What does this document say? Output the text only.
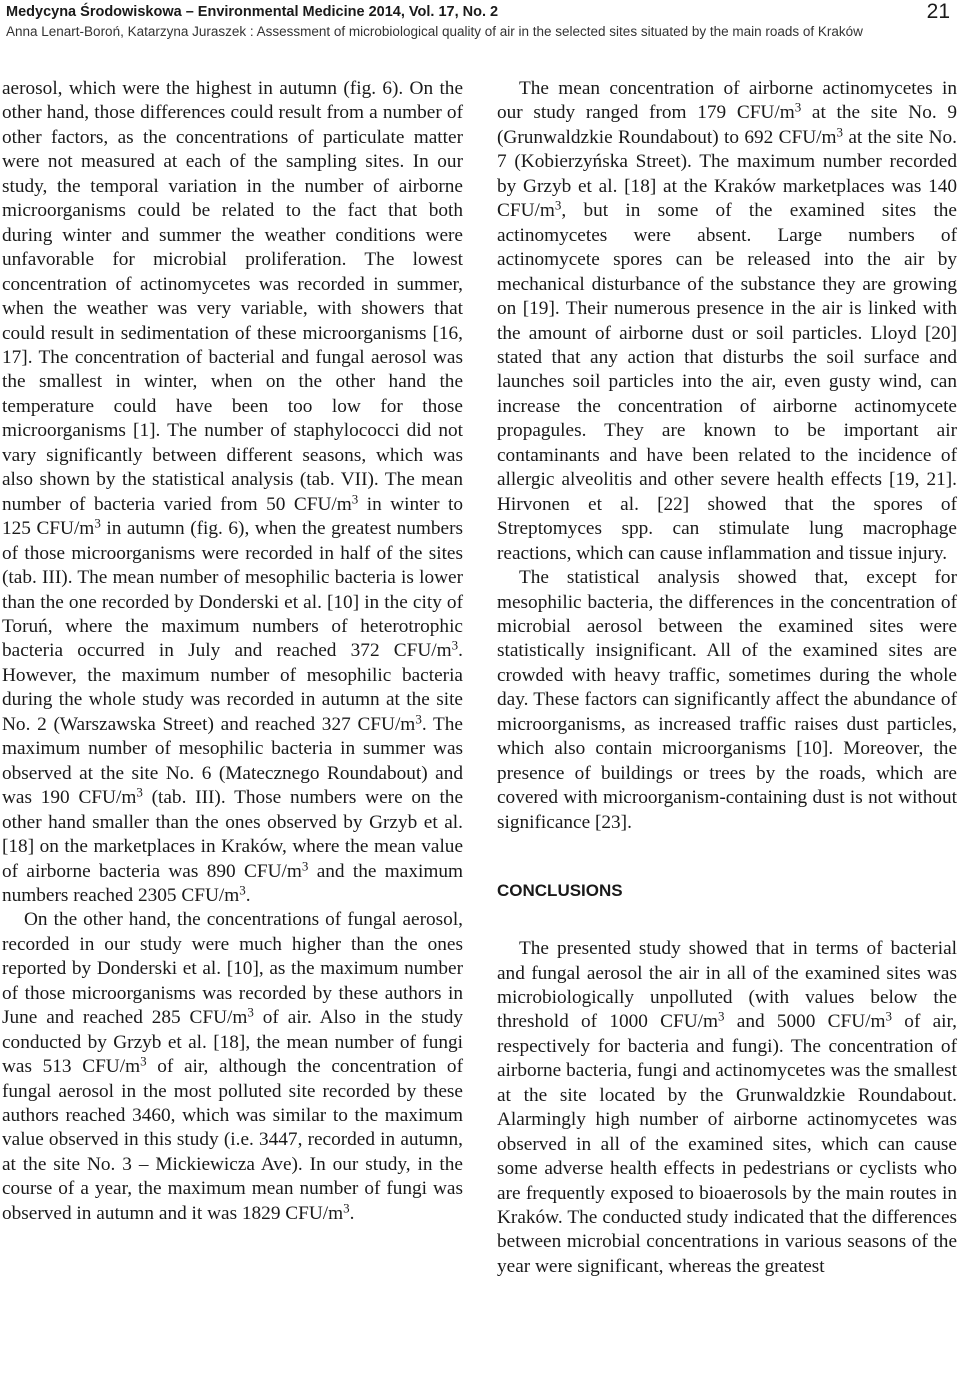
Medycyna Środowiskowa – Environmental Medicine 2014, Vol. 17, No. 2
Anna Lenart-Boroń, Katarzyna Juraszek : Assessment of microbiological quality of air in the selected sites situated by the main roads of Kraków
21

aerosol, which were the highest in autumn (fig. 6). On the other hand, those differences could result from a number of other factors, as the concentrations of particulate matter were not measured at each of the sampling sites. In our study, the temporal variation in the number of airborne microorganisms could be related to the fact that both during winter and summer the weather conditions were unfavorable for microbial proliferation. The lowest concentration of actinomycetes was recorded in summer, when the weather was very variable, with showers that could result in sedimentation of these microorganisms [16, 17]. The concentration of bacterial and fungal aerosol was the smallest in winter, when on the other hand the temperature could have been too low for those microorganisms [1]. The number of staphylococci did not vary significantly between different seasons, which was also shown by the statistical analysis (tab. VII). The mean number of bacteria varied from 50 CFU/$m^3$ in winter to 125 CFU/$m^3$ in autumn (fig. 6), when the greatest numbers of those microorganisms were recorded in half of the sites (tab. III). The mean number of mesophilic bacteria is lower than the one recorded by Donderski et al. [10] in the city of Toruń, where the maximum numbers of heterotrophic bacteria occurred in July and reached 372 CFU/$m^3$. However, the maximum number of mesophilic bacteria during the whole study was recorded in autumn at the site No. 2 (Warszawska Street) and reached 327 CFU/$m^3$. The maximum number of mesophilic bacteria in summer was observed at the site No. 6 (Matecznego Roundabout) and was 190 CFU/$m^3$ (tab. III). Those numbers were on the other hand smaller than the ones observed by Grzyb et al. [18] on the marketplaces in Kraków, where the mean value of airborne bacteria was 890 CFU/$m^3$ and the maximum numbers reached 2305 CFU/$m^3$.

On the other hand, the concentrations of fungal aerosol, recorded in our study were much higher than the ones reported by Donderski et al. [10], as the maximum number of those microorganisms was recorded by these authors in June and reached 285 CFU/$m^3$ of air. Also in the study conducted by Grzyb et al. [18], the mean number of fungi was 513 CFU/$m^3$ of air, although the concentration of fungal aerosol in the most polluted site recorded by these authors reached 3460, which was similar to the maximum value observed in this study (i.e. 3447, recorded in autumn, at the site No. 3 – Mickiewicza Ave). In our study, in the course of a year, the maximum mean number of fungi was observed in autumn and it was 1829 CFU/$m^3$.

The mean concentration of airborne actinomycetes in our study ranged from 179 CFU/$m^3$ at the site No. 9 (Grunwaldzkie Roundabout) to 692 CFU/$m^3$ at the site No. 7 (Kobierzyńska Street). The maximum number recorded by Grzyb et al. [18] at the Kraków marketplaces was 140 CFU/$m^3$, but in some of the examined sites the actinomycetes were absent. Large numbers of actinomycete spores can be released into the air by mechanical disturbance of the substance they are growing on [19]. Their numerous presence in the air is linked with the amount of airborne dust or soil particles. Lloyd [20] stated that any action that disturbs the soil surface and launches soil particles into the air, even gusty wind, can increase the concentration of airborne actinomycete propagules. They are known to be important air contaminants and have been related to the incidence of allergic alveolitis and other severe health effects [19, 21]. Hirvonen et al. [22] showed that the spores of Streptomyces spp. can stimulate lung macrophage reactions, which can cause inflammation and tissue injury.

The statistical analysis showed that, except for mesophilic bacteria, the differences in the concentration of microbial aerosol between the examined sites were statistically insignificant. All of the examined sites are crowded with heavy traffic, sometimes during the whole day. These factors can significantly affect the abundance of microorganisms, as increased traffic raises dust particles, which also contain microorganisms [10]. Moreover, the presence of buildings or trees by the roads, which are covered with microorganism-containing dust is not without significance [23].

CONCLUSIONS

The presented study showed that in terms of bacterial and fungal aerosol the air in all of the examined sites was microbiologically unpolluted (with values below the threshold of 1000 CFU/$m^3$ and 5000 CFU/$m^3$ of air, respectively for bacteria and fungi). The concentration of airborne bacteria, fungi and actinomycetes was the smallest at the site located by the Grunwaldzkie Roundabout. Alarmingly high number of airborne actinomycetes was observed in all of the examined sites, which can cause some adverse health effects in pedestrians or cyclists who are frequently exposed to bioaerosols by the main routes in Kraków. The conducted study indicated that the differences between microbial concentrations in various seasons of the year were significant, whereas the greatest
